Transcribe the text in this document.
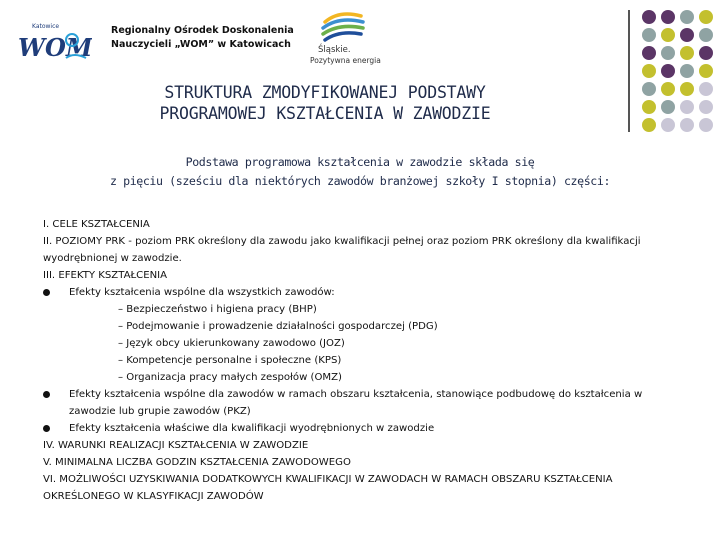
Katowice
WOM
Regionalny Ośrodek Doskonalenia
Nauczycieli „WOM” w Katowicach	Śląskie.
Pozytywna energia
STRUKTURA ZMODYFIKOWANEJ PODSTAWY
PROGRAMOWEJ KSZTAŁCENIA W ZAWODZIE
Podstawa programowa kształcenia w zawodzie składa się
z pięciu (sześciu dla niektórych zawodów branżowej szkoły I stopnia) części:
I. CELE KSZTAŁCENIA
II. POZIOMY PRK - poziom PRK określony dla zawodu jako kwalifikacji pełnej oraz poziom PRK określony dla kwalifikacji wyodrębnionej w zawodzie.
III. EFEKTY KSZTAŁCENIA
Efekty kształcenia wspólne dla wszystkich zawodów:
– Bezpieczeństwo i higiena pracy (BHP)
– Podejmowanie i prowadzenie działalności gospodarczej (PDG)
– Język obcy ukierunkowany zawodowo (JOZ)
– Kompetencje personalne i społeczne (KPS)
– Organizacja pracy małych zespołów (OMZ)
Efekty kształcenia wspólne dla zawodów w ramach obszaru kształcenia, stanowiące podbudowę do kształcenia w zawodzie lub grupie zawodów (PKZ)
Efekty kształcenia właściwe dla kwalifikacji wyodrębnionych w zawodzie
IV. WARUNKI REALIZACJI KSZTAŁCENIA W ZAWODZIE
V. MINIMALNA LICZBA GODZIN KSZTAŁCENIA ZAWODOWEGO
VI. MOŻLIWOŚCI UZYSKIWANIA DODATKOWYCH KWALIFIKACJI W ZAWODACH W RAMACH OBSZARU KSZTAŁCENIA OKREŚLONEGO W KLASYFIKACJI ZAWODÓW
